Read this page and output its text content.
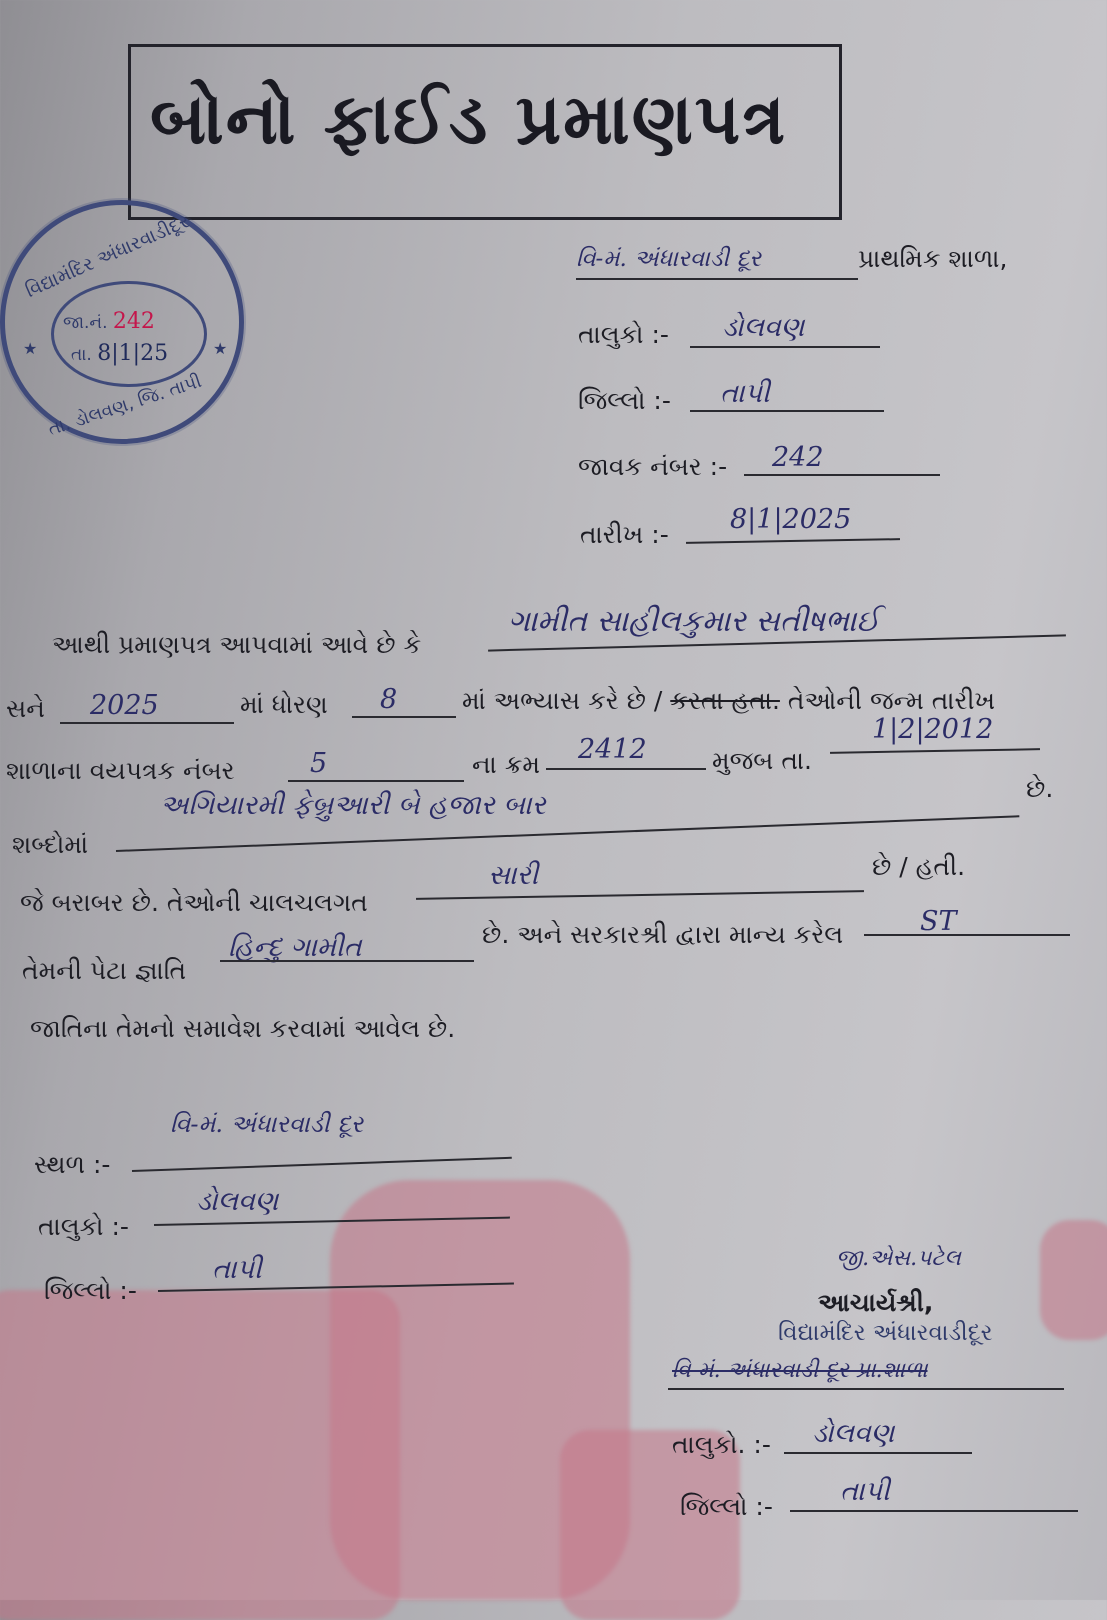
બોનો ફાઈડ પ્રમાણપત્ર
વિદ્યામંદિર અંધારવાડીદૂર
જા.નં. 242
તા. 8|1|25
★	★
તા. ડોલવણ, જિ. તાપી
વિ-મં. અંધારવાડી દૂર	પ્રાથમિક શાળા,
તાલુકો :- ડોલવણ
જિલ્લો :- તાપી
જાવક નંબર :- 242
તારીખ :- 8|1|2025
આથી પ્રમાણપત્ર આપવામાં આવે છે કે
ગામીત સાહીલકુમાર સતીષભાઈ
સને 2025	માં ધોરણ 8	માં અભ્યાસ કરે છે / કરતા હતા. તેઓની જન્મ તારીખ
શાળાના વયપત્રક નંબર	5	ના ક્રમ 2412	મુજબ તા.
1|2|2012
શબ્દોમાં
અગિયારમી ફેબ્રુઆરી બે હજાર બાર
છે.
જે બરાબર છે. તેઓની ચાલચલગત
સારી	છે / હતી.
તેમની પેટા જ્ઞાતિ
હિન્દુ ગામીત	છે. અને સરકારશ્રી દ્વારા માન્ય કરેલ	ST
જાતિના તેમનો સમાવેશ કરવામાં આવેલ છે.
સ્થળ :-
વિ-મં. અંધારવાડી દૂર
તાલુકો :-
ડોલવણ
જિલ્લો :-
તાપી	જી.એસ.પટેલ
આચાર્યશ્રી,
વિદ્યામંદિર અંધારવાડીદૂર
વિ-મં. અંધારવાડી દૂર પ્રા.શાળા
તાલુકો. :- ડોલવણ
જિલ્લો :- તાપી
